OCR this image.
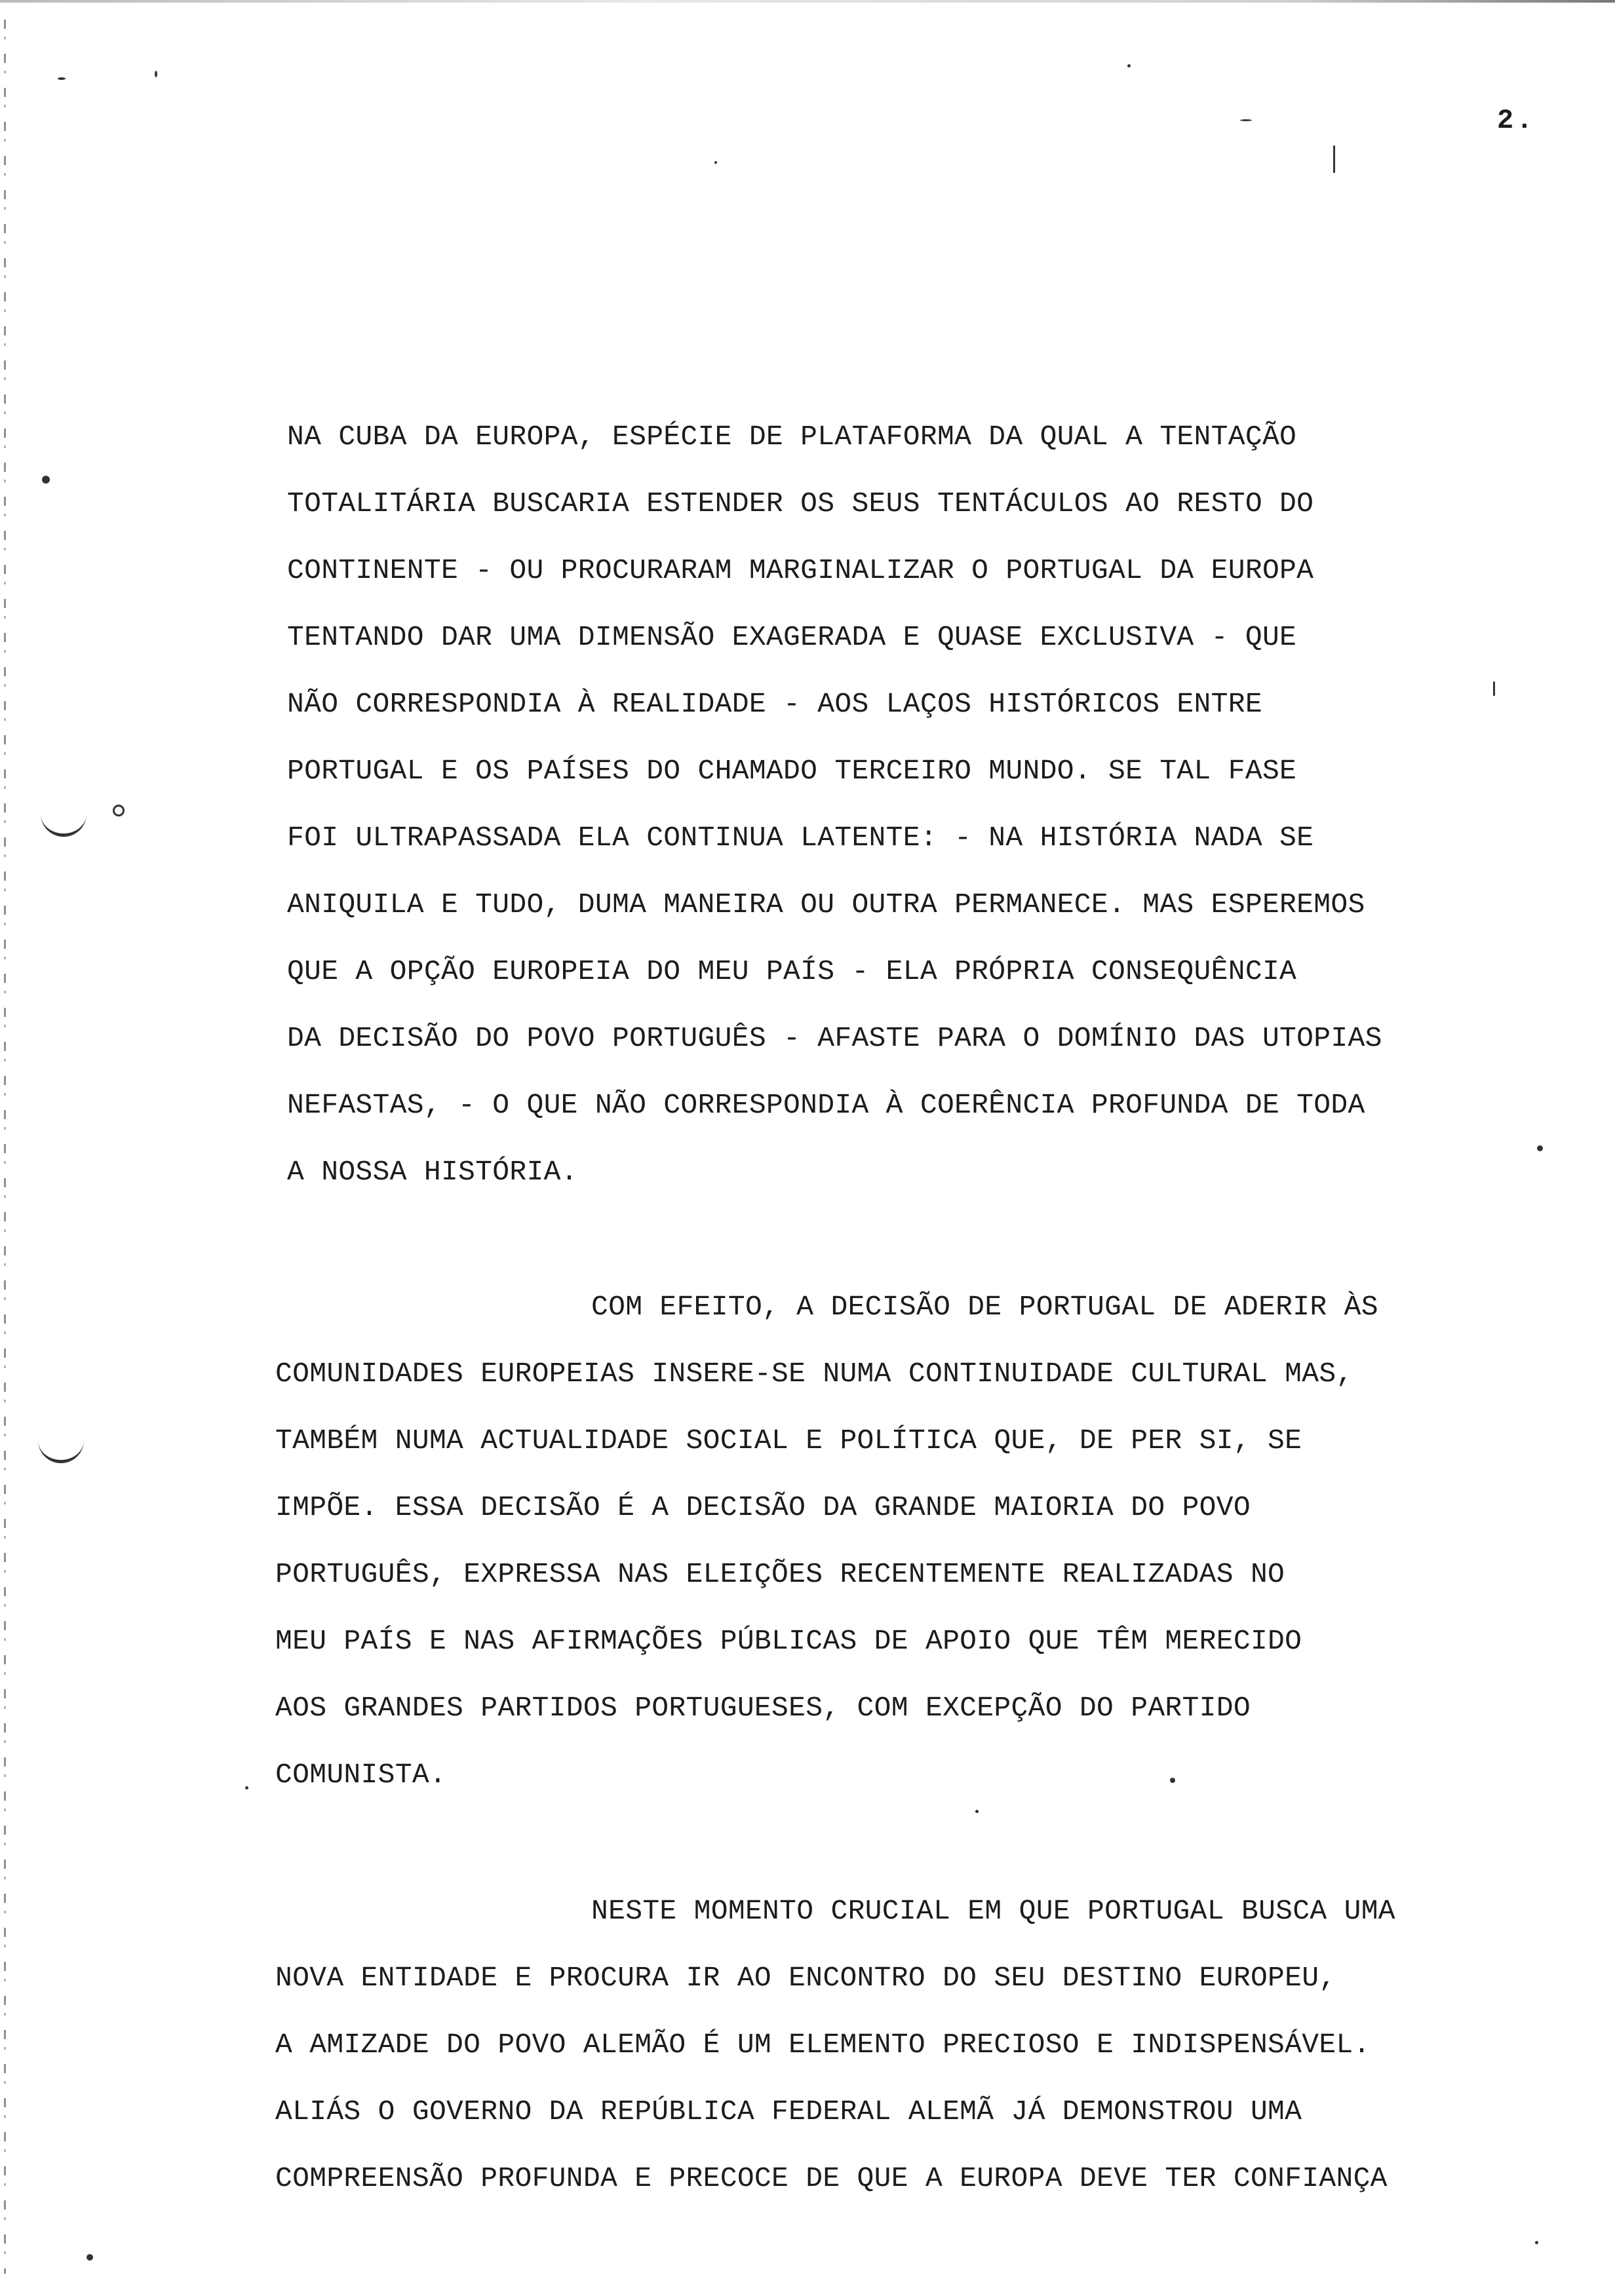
2.
NA CUBA DA EUROPA, ESPÉCIE DE PLATAFORMA DA QUAL A TENTAÇÃO
TOTALITÁRIA BUSCARIA ESTENDER OS SEUS TENTÁCULOS AO RESTO DO
CONTINENTE - OU PROCURARAM MARGINALIZAR O PORTUGAL DA EUROPA
TENTANDO DAR UMA DIMENSÃO EXAGERADA E QUASE EXCLUSIVA - QUE
NÃO CORRESPONDIA À REALIDADE - AOS LAÇOS HISTÓRICOS ENTRE
PORTUGAL E OS PAÍSES DO CHAMADO TERCEIRO MUNDO. SE TAL FASE
FOI ULTRAPASSADA ELA CONTINUA LATENTE: - NA HISTÓRIA NADA SE
ANIQUILA E TUDO, DUMA MANEIRA OU OUTRA PERMANECE. MAS ESPEREMOS
QUE A OPÇÃO EUROPEIA DO MEU PAÍS - ELA PRÓPRIA CONSEQUÊNCIA
DA DECISÃO DO POVO PORTUGUÊS - AFASTE PARA O DOMÍNIO DAS UTOPIAS
NEFASTAS, - O QUE NÃO CORRESPONDIA À COERÊNCIA PROFUNDA DE TODA
A NOSSA HISTÓRIA.
COM EFEITO, A DECISÃO DE PORTUGAL DE ADERIR ÀS
COMUNIDADES EUROPEIAS INSERE-SE NUMA CONTINUIDADE CULTURAL MAS,
TAMBÉM NUMA ACTUALIDADE SOCIAL E POLÍTICA QUE, DE PER SI, SE
IMPÕE. ESSA DECISÃO É A DECISÃO DA GRANDE MAIORIA DO POVO
PORTUGUÊS, EXPRESSA NAS ELEIÇÕES RECENTEMENTE REALIZADAS NO
MEU PAÍS E NAS AFIRMAÇÕES PÚBLICAS DE APOIO QUE TÊM MERECIDO
AOS GRANDES PARTIDOS PORTUGUESES, COM EXCEPÇÃO DO PARTIDO
COMUNISTA.
NESTE MOMENTO CRUCIAL EM QUE PORTUGAL BUSCA UMA
NOVA ENTIDADE E PROCURA IR AO ENCONTRO DO SEU DESTINO EUROPEU,
A AMIZADE DO POVO ALEMÃO É UM ELEMENTO PRECIOSO E INDISPENSÁVEL.
ALIÁS O GOVERNO DA REPÚBLICA FEDERAL ALEMÃ JÁ DEMONSTROU UMA
COMPREENSÃO PROFUNDA E PRECOCE DE QUE A EUROPA DEVE TER CONFIANÇA
